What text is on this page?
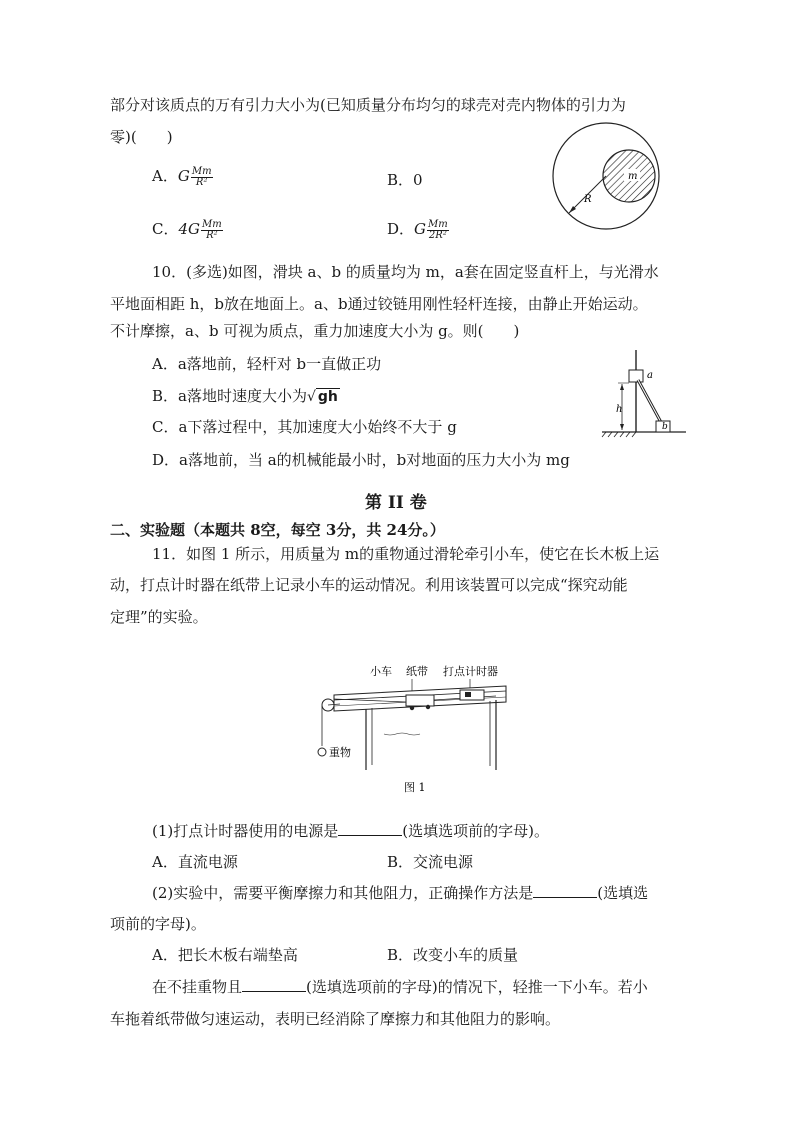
部分对该质点的万有引力大小为(已知质量分布均匀的球壳对壳内物体的引力为
零)(　　)
A．G $\frac{Mm}{\text{R²}}$	B．0
C．$4G \frac{Mm}{\text{R²}}$	D．G $\frac{Mm}{\text{2R²}}$
m
R
10．(多选)如图，滑块 a、b 的质量均为 m，a套在固定竖直杆上，与光滑水
平地面相距 h，b放在地面上。a、b通过铰链用刚性轻杆连接，由静止开始运动。
不计摩擦，a、b 可视为质点，重力加速度大小为 g。则(　　)
A．a落地前，轻杆对 b一直做正功
B．a落地时速度大小为√ gh
C．a下落过程中，其加速度大小始终不大于 g
D．a落地前，当 a的机械能最小时，b对地面的压力大小为 mg
a
b
h
第 II 卷
二、实验题（本题共 8空，每空 3分，共 24分。）
11．如图 1 所示，用质量为 m的重物通过滑轮牵引小车，使它在长木板上运
动，打点计时器在纸带上记录小车的运动情况。利用该装置可以完成“探究动能
定理”的实验。
小车 纸带 打点计时器
重物
图 1
(1)打点计时器使用的电源是	(选填选项前的字母)。
A．直流电源	B．交流电源
(2)实验中，需要平衡摩擦力和其他阻力，正确操作方法是	(选填选
项前的字母)。
A．把长木板右端垫高	B．改变小车的质量
在不挂重物且	(选填选项前的字母)的情况下，轻推一下小车。若小
车拖着纸带做匀速运动，表明已经消除了摩擦力和其他阻力的影响。
